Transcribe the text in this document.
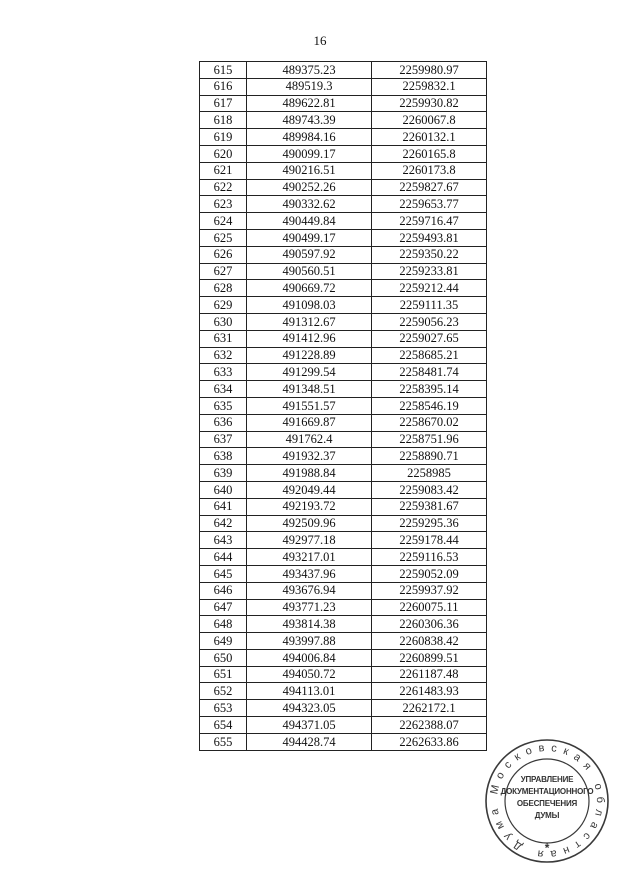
16
615	489375.23	2259980.97
616	489519.3	2259832.1
617	489622.81	2259930.82
618	489743.39	2260067.8
619	489984.16	2260132.1
620	490099.17	2260165.8
621	490216.51	2260173.8
622	490252.26	2259827.67
623	490332.62	2259653.77
624	490449.84	2259716.47
625	490499.17	2259493.81
626	490597.92	2259350.22
627	490560.51	2259233.81
628	490669.72	2259212.44
629	491098.03	2259111.35
630	491312.67	2259056.23
631	491412.96	2259027.65
632	491228.89	2258685.21
633	491299.54	2258481.74
634	491348.51	2258395.14
635	491551.57	2258546.19
636	491669.87	2258670.02
637	491762.4	2258751.96
638	491932.37	2258890.71
639	491988.84	2258985
640	492049.44	2259083.42
641	492193.72	2259381.67
642	492509.96	2259295.36
643	492977.18	2259178.44
644	493217.01	2259116.53
645	493437.96	2259052.09
646	493676.94	2259937.92
647	493771.23	2260075.11
648	493814.38	2260306.36
649	493997.88	2260838.42
650	494006.84	2260899.51
651	494050.72	2261187.48
652	494113.01	2261483.93
653	494323.05	2262172.1
654	494371.05	2262388.07
655	494428.74	2262633.86
Московская областная Дума
УПРАВЛЕНИЕ
ДОКУМЕНТАЦИОННОГО
ОБЕСПЕЧЕНИЯ
ДУМЫ
*
